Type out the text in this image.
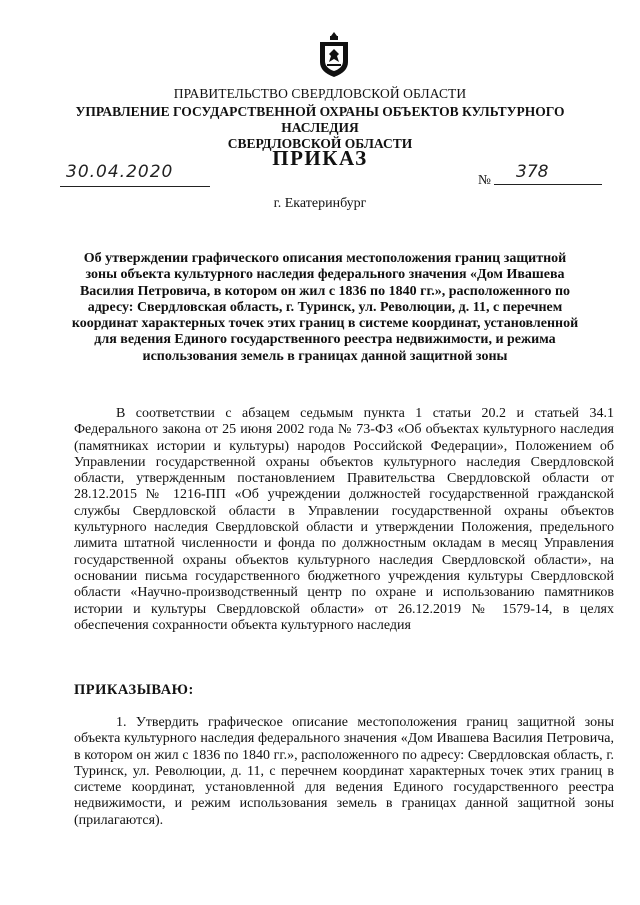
ПРАВИТЕЛЬСТВО СВЕРДЛОВСКОЙ ОБЛАСТИ
УПРАВЛЕНИЕ ГОСУДАРСТВЕННОЙ ОХРАНЫ ОБЪЕКТОВ КУЛЬТУРНОГО НАСЛЕДИЯ
СВЕРДЛОВСКОЙ ОБЛАСТИ
ПРИКАЗ
30.04.2020	№ 378
г. Екатеринбург
Об утверждении графического описания местоположения границ защитной зоны объекта культурного наследия федерального значения «Дом Ивашева Василия Петровича, в котором он жил с 1836 по 1840 гг.», расположенного по адресу: Свердловская область, г. Туринск, ул. Революции, д. 11, с перечнем координат характерных точек этих границ в системе координат, установленной для ведения Единого государственного реестра недвижимости, и режима использования земель в границах данной защитной зоны
В соответствии с абзацем седьмым пункта 1 статьи 20.2 и статьей 34.1 Федерального закона от 25 июня 2002 года № 73-ФЗ «Об объектах культурного наследия (памятниках истории и культуры) народов Российской Федерации», Положением об Управлении государственной охраны объектов культурного наследия Свердловской области, утвержденным постановлением Правительства Свердловской области от 28.12.2015 № 1216-ПП «Об учреждении должностей государственной гражданской службы Свердловской области в Управлении государственной охраны объектов культурного наследия Свердловской области и утверждении Положения, предельного лимита штатной численности и фонда по должностным окладам в месяц Управления государственной охраны объектов культурного наследия Свердловской области», на основании письма государственного бюджетного учреждения культуры Свердловской области «Научно-производственный центр по охране и использованию памятников истории и культуры Свердловской области» от 26.12.2019 № 1579-14, в целях обеспечения сохранности объекта культурного наследия
ПРИКАЗЫВАЮ:
1. Утвердить графическое описание местоположения границ защитной зоны объекта культурного наследия федерального значения «Дом Ивашева Василия Петровича, в котором он жил с 1836 по 1840 гг.», расположенного по адресу: Свердловская область, г. Туринск, ул. Революции, д. 11, с перечнем координат характерных точек этих границ в системе координат, установленной для ведения Единого государственного реестра недвижимости, и режим использования земель в границах данной защитной зоны (прилагаются).
